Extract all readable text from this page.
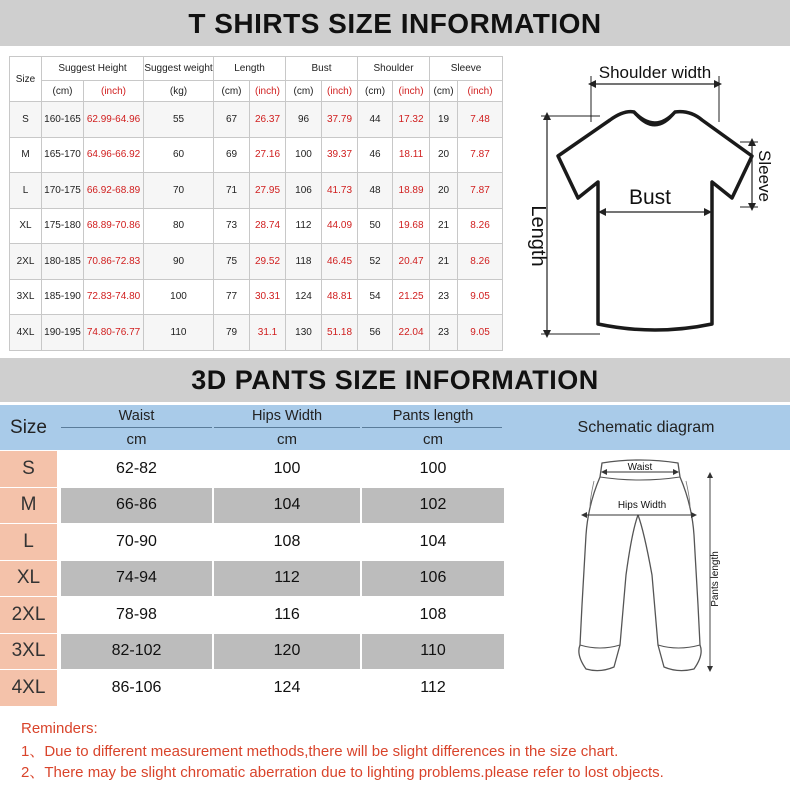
T SHIRTS SIZE INFORMATION
Size	Suggest Height		Suggest weight	Length		Bust		Shoulder		Sleeve	
	(cm)	(inch)	(kg)	(cm)	(inch)	(cm)	(inch)	(cm)	(inch)	(cm)	(inch)
S	160-165	62.99-64.96	55	67	26.37	96	37.79	44	17.32	19	7.48
M	165-170	64.96-66.92	60	69	27.16	100	39.37	46	18.11	20	7.87
L	170-175	66.92-68.89	70	71	27.95	106	41.73	48	18.89	20	7.87
XL	175-180	68.89-70.86	80	73	28.74	112	44.09	50	19.68	21	8.26
2XL	180-185	70.86-72.83	90	75	29.52	118	46.45	52	20.47	21	8.26
3XL	185-190	72.83-74.80	100	77	30.31	124	48.81	54	21.25	23	9.05
4XL	190-195	74.80-76.77	110	79	31.1	130	51.18	56	22.04	23	9.05
Shoulder width
Sleeve
Bust
Length
3D PANTS SIZE INFORMATION
Size		Waist		Hips Width		Pants length
		cm		cm		cm
S		62-82		100		100
M		66-86		104		102
L		70-90		108		104
XL		74-94		112		106
2XL		78-98		116		108
3XL		82-102		120		110
4XL		86-106		124		112
Schematic diagram
Waist
Hips Width
Pants length
Reminders:
1、Due to different measurement methods,there will be slight differences in the size chart.
2、There may be slight chromatic aberration due to lighting problems.please refer to lost objects.
